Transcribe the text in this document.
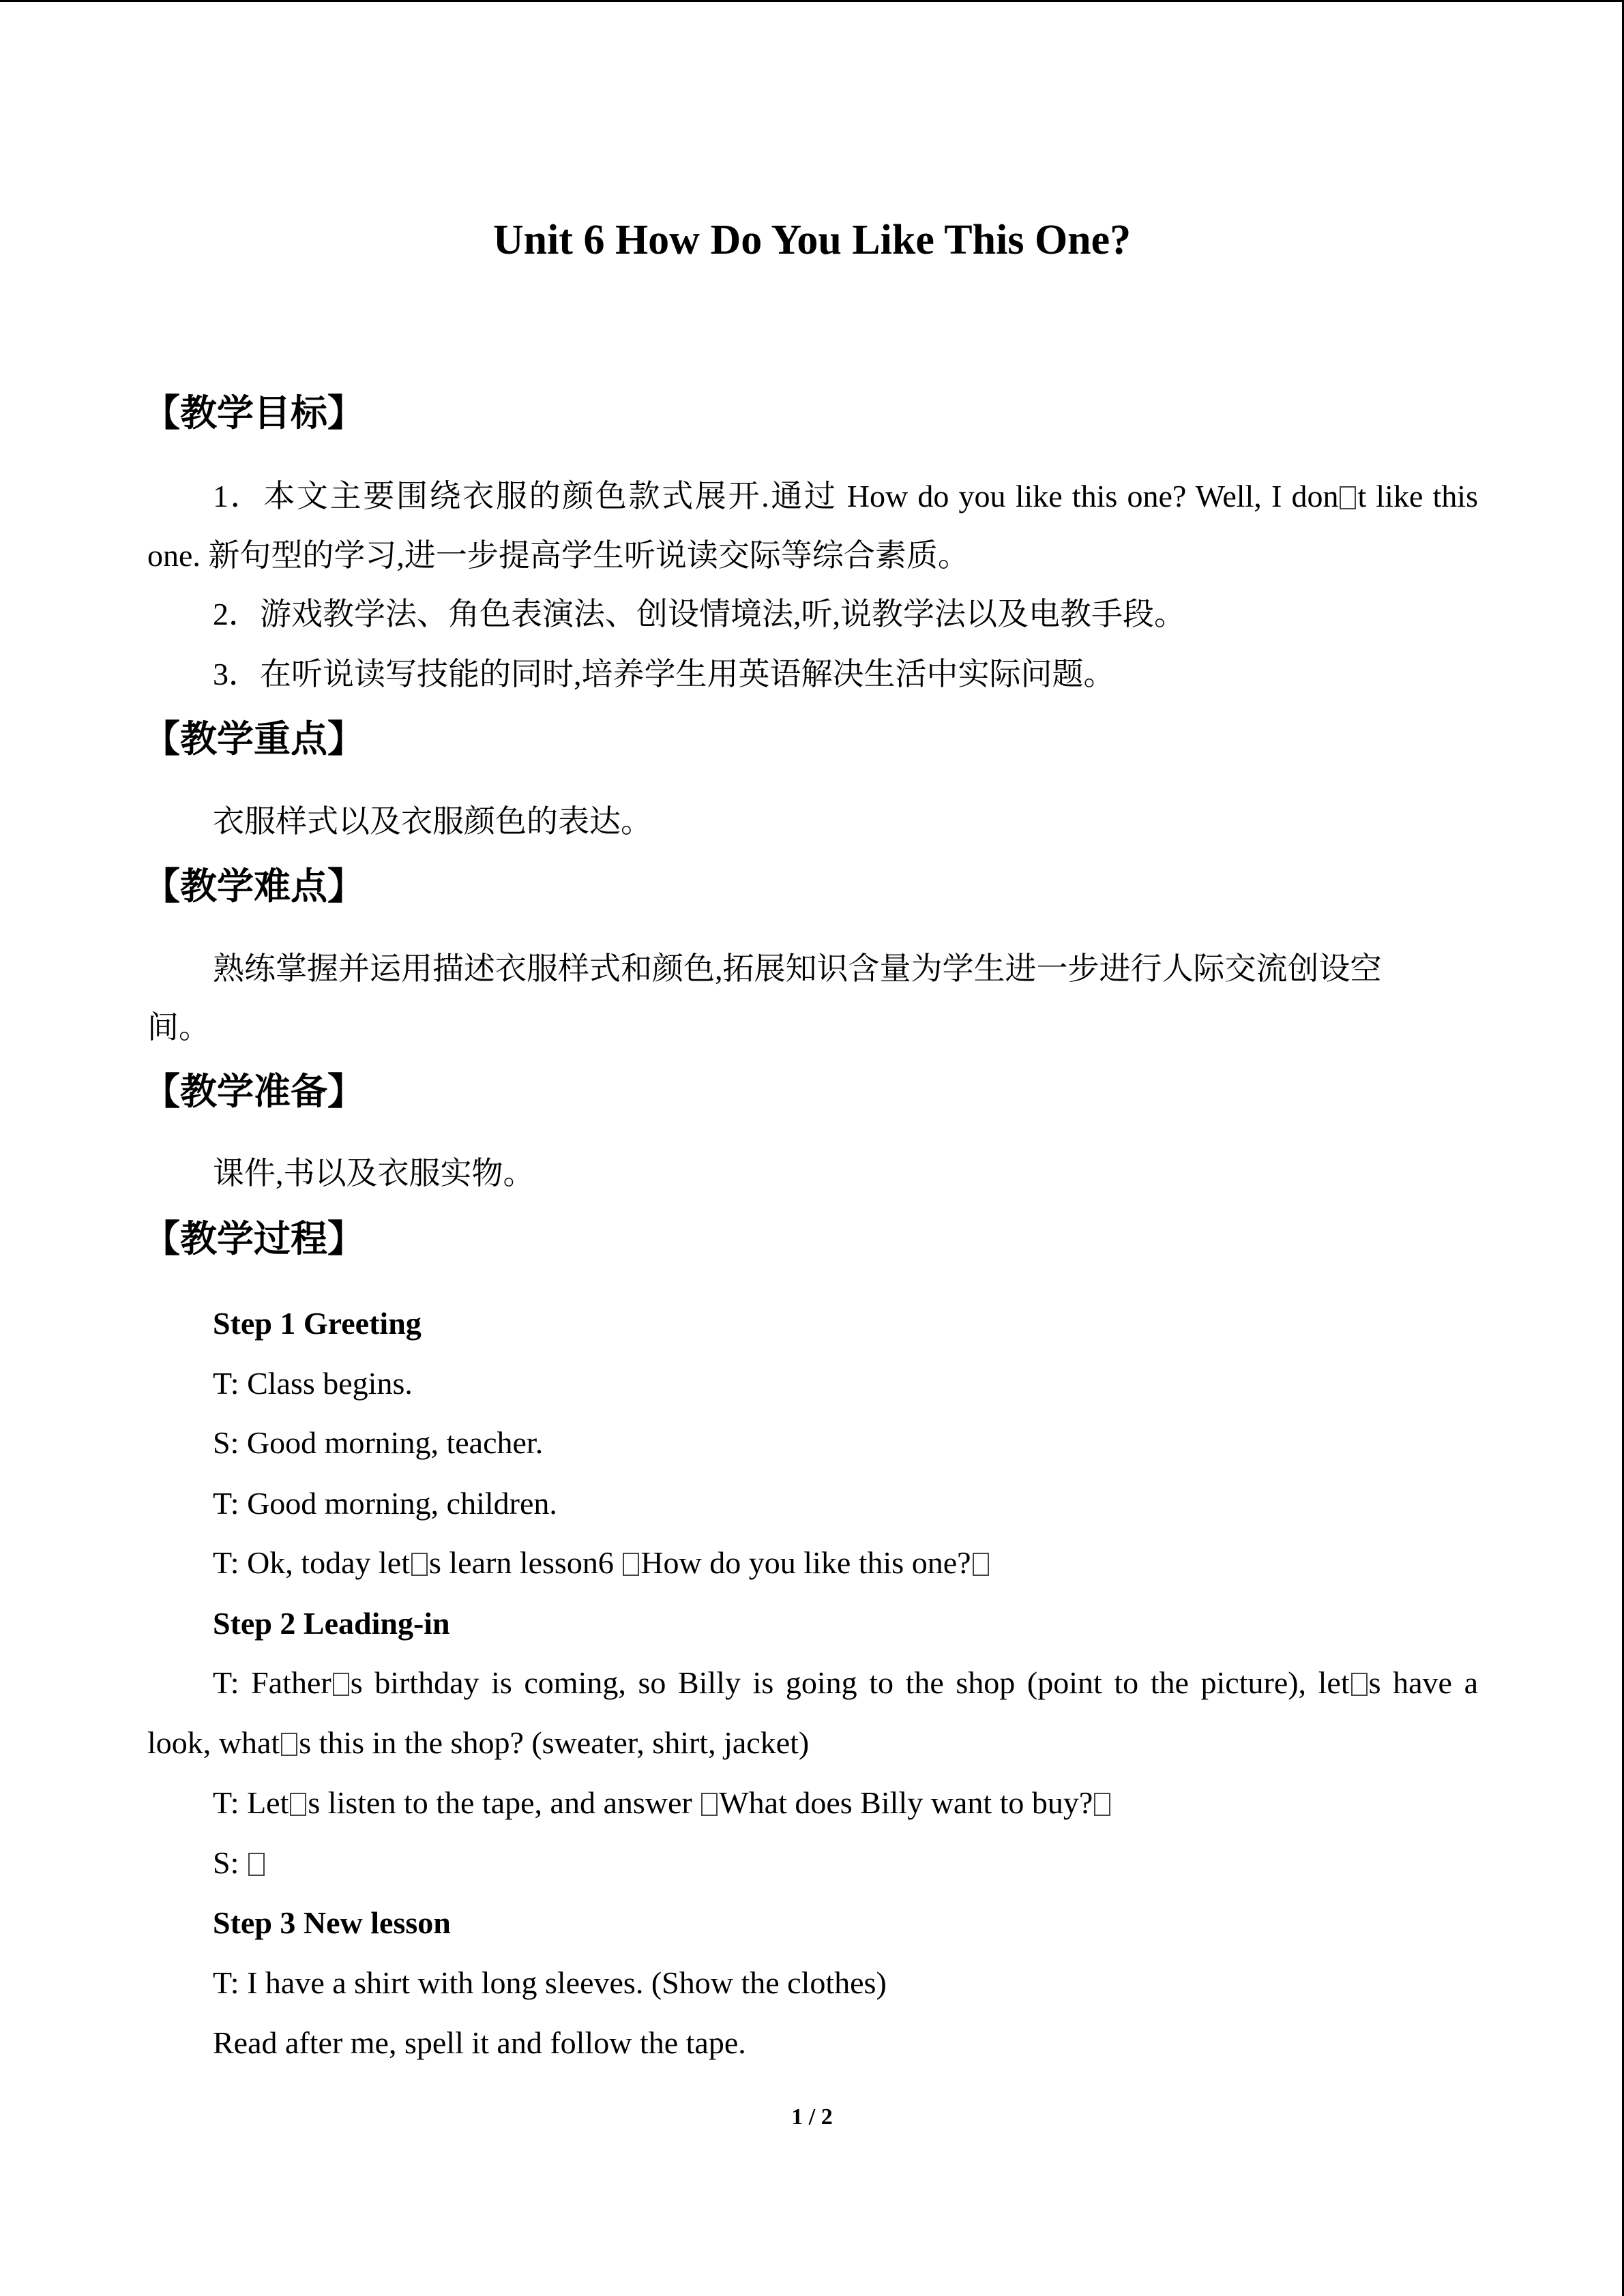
Unit 6 How Do You Like This One?
【教学目标】
1．本文主要围绕衣服的颜色款式展开.通过 How do you like this one? Well, I don t like this
one. 新句型的学习,进一步提高学生听说读交际等综合素质。
2．游戏教学法、角色表演法、创设情境法,听,说教学法以及电教手段。
3．在听说读写技能的同时,培养学生用英语解决生活中实际问题。
【教学重点】
衣服样式以及衣服颜色的表达。
【教学难点】
熟练掌握并运用描述衣服样式和颜色,拓展知识含量为学生进一步进行人际交流创设空
间。
【教学准备】
课件,书以及衣服实物。
【教学过程】
Step 1 Greeting
T: Class begins.
S: Good morning, teacher.
T: Good morning, children.
T: Ok, today let s learn lesson6 How do you like this one?
Step 2 Leading-in
T: Father s birthday is coming, so Billy is going to the shop (point to the picture), let s have a
look, what s this in the shop? (sweater, shirt, jacket)
T: Let s listen to the tape, and answer What does Billy want to buy?
S:
Step 3 New lesson
T: I have a shirt with long sleeves. (Show the clothes)
Read after me, spell it and follow the tape.
1 / 2
